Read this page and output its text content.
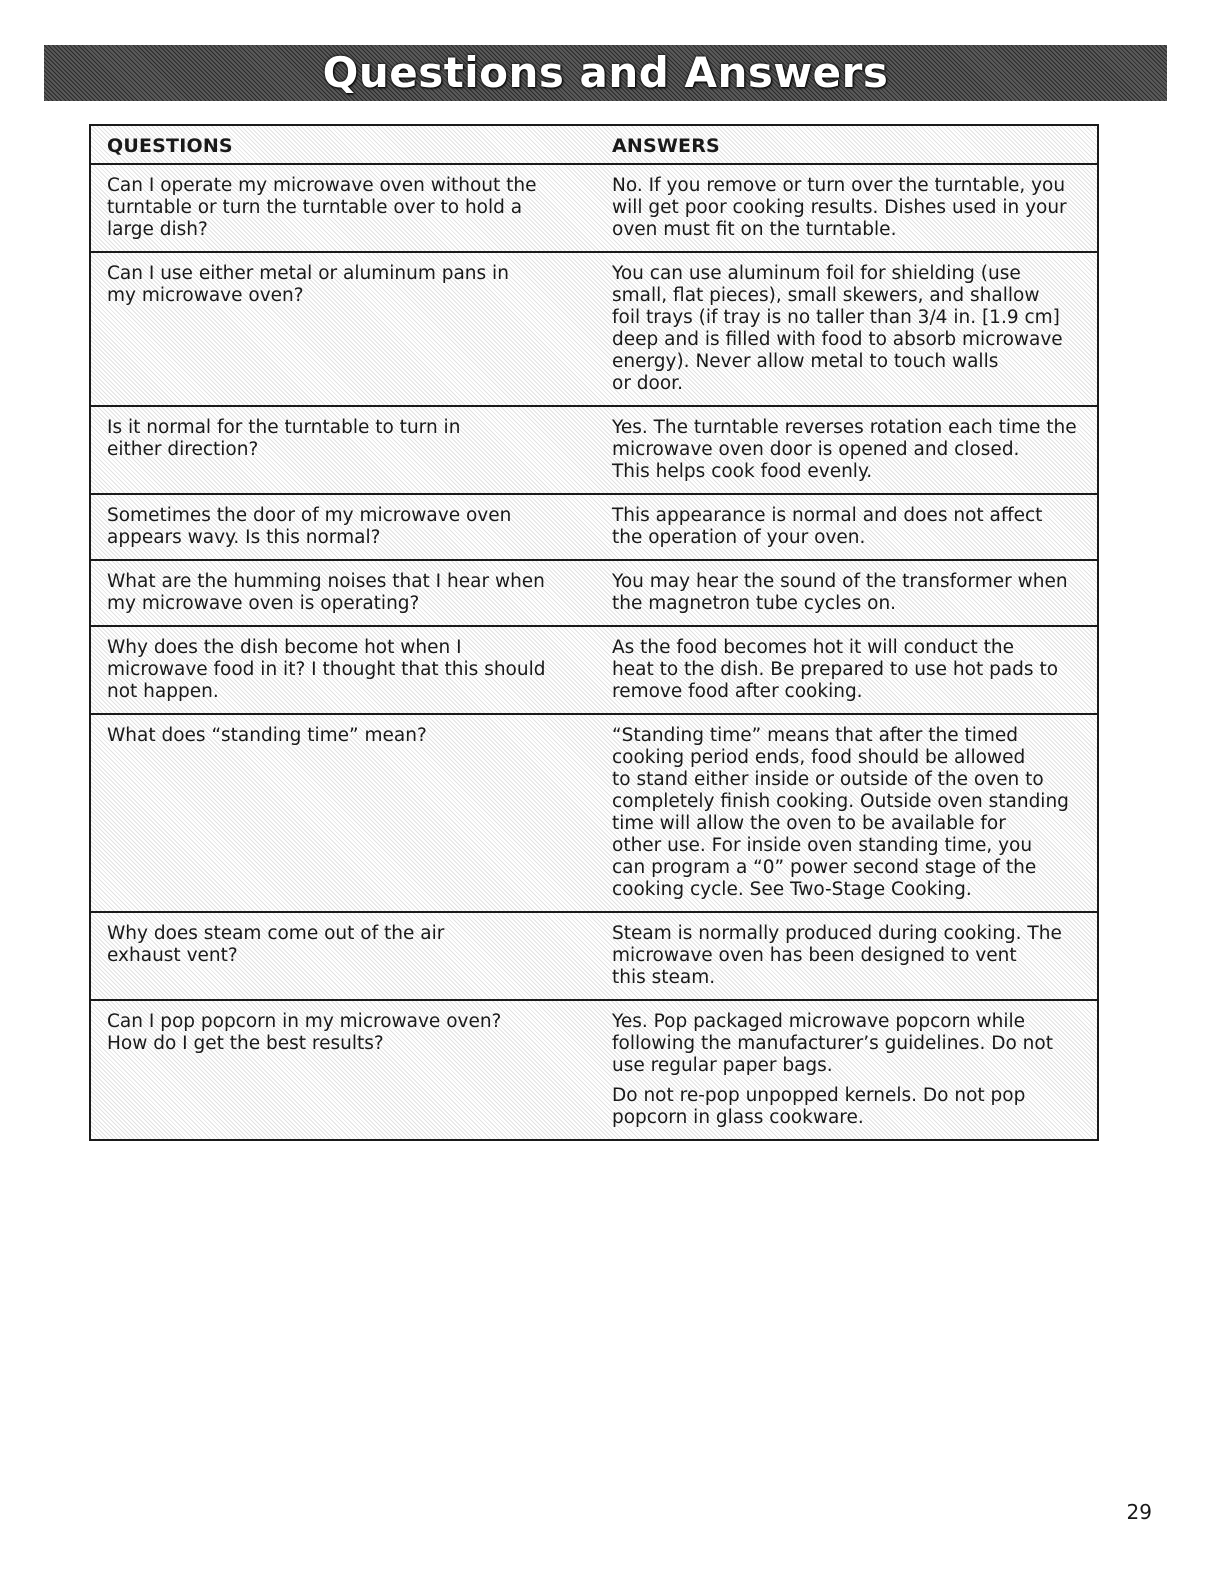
Questions and Answers
QUESTIONS	ANSWERS
Can I operate my microwave oven without the
turntable or turn the turntable over to hold a
large dish?
No. If you remove or turn over the turntable, you
will get poor cooking results. Dishes used in your
oven must fit on the turntable.
Can I use either metal or aluminum pans in
my microwave oven?
You can use aluminum foil for shielding (use
small, flat pieces), small skewers, and shallow
foil trays (if tray is no taller than 3/4 in. [1.9 cm]
deep and is filled with food to absorb microwave
energy). Never allow metal to touch walls
or door.
Is it normal for the turntable to turn in
either direction?
Yes. The turntable reverses rotation each time the
microwave oven door is opened and closed.
This helps cook food evenly.
Sometimes the door of my microwave oven
appears wavy. Is this normal?
This appearance is normal and does not affect
the operation of your oven.
What are the humming noises that I hear when
my microwave oven is operating?
You may hear the sound of the transformer when
the magnetron tube cycles on.
Why does the dish become hot when I
microwave food in it? I thought that this should
not happen.
As the food becomes hot it will conduct the
heat to the dish. Be prepared to use hot pads to
remove food after cooking.
What does “standing time” mean?	“Standing time” means that after the timed
cooking period ends, food should be allowed
to stand either inside or outside of the oven to
completely finish cooking. Outside oven standing
time will allow the oven to be available for
other use. For inside oven standing time, you
can program a “0” power second stage of the
cooking cycle. See Two-Stage Cooking.
Why does steam come out of the air
exhaust vent?
Steam is normally produced during cooking. The
microwave oven has been designed to vent
this steam.
Can I pop popcorn in my microwave oven?
How do I get the best results?
Yes. Pop packaged microwave popcorn while
following the manufacturer’s guidelines. Do not
use regular paper bags.
Do not re-pop unpopped kernels. Do not pop
popcorn in glass cookware.
29
